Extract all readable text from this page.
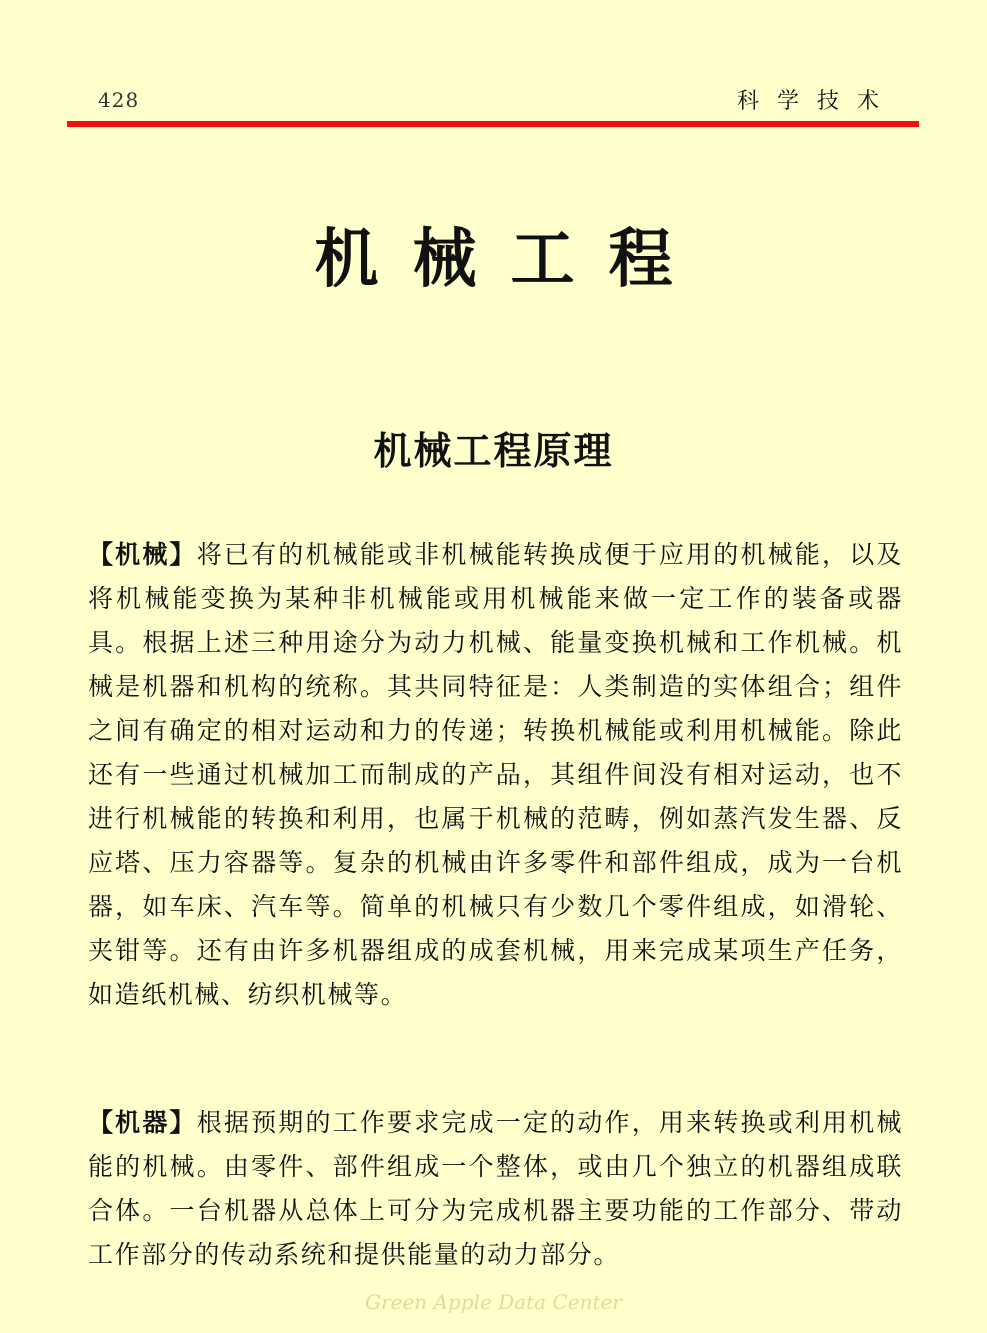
428	科学技术
机械工程
机械工程原理

【机械】将已有的机械能或非机械能转换成便于应用的机械能，以及将机械能变换为某种非机械能或用机械能来做一定工作的装备或器具。根据上述三种用途分为动力机械、能量变换机械和工作机械。机械是机器和机构的统称。其共同特征是：人类制造的实体组合；组件之间有确定的相对运动和力的传递；转换机械能或利用机械能。除此还有一些通过机械加工而制成的产品，其组件间没有相对运动，也不进行机械能的转换和利用，也属于机械的范畴，例如蒸汽发生器、反应塔、压力容器等。复杂的机械由许多零件和部件组成，成为一台机器，如车床、汽车等。简单的机械只有少数几个零件组成，如滑轮、夹钳等。还有由许多机器组成的成套机械，用来完成某项生产任务，如造纸机械、纺织机械等。

【机器】根据预期的工作要求完成一定的动作，用来转换或利用机械能的机械。由零件、部件组成一个整体，或由几个独立的机器组成联合体。一台机器从总体上可分为完成机器主要功能的工作部分、带动工作部分的传动系统和提供能量的动力部分。

Green Apple Data Center
